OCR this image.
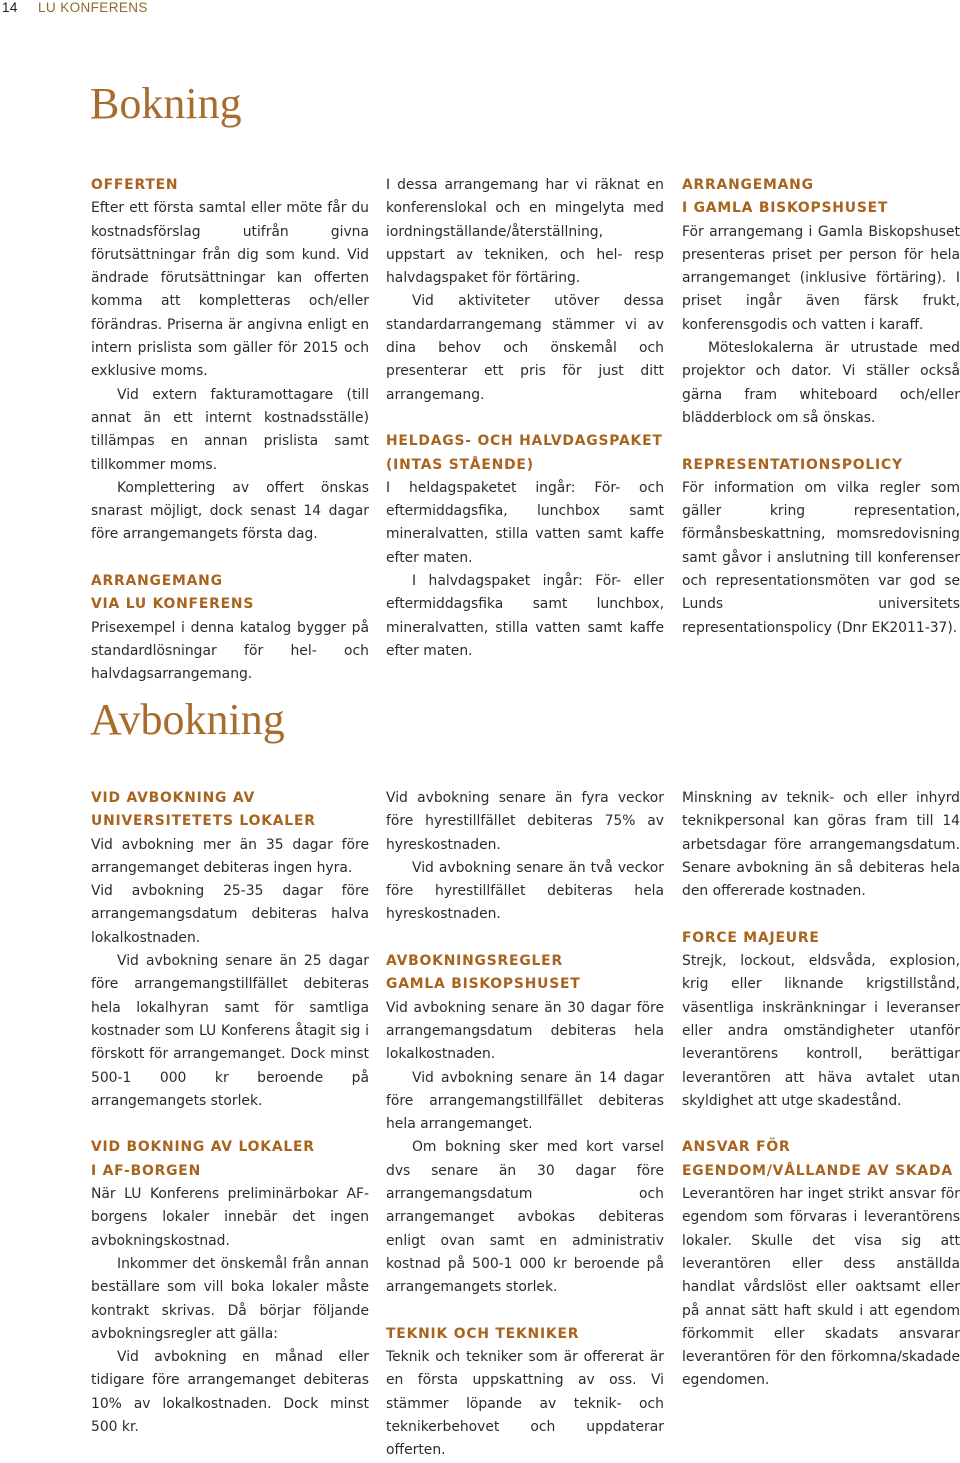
14 LU KONFERENS
Bokning
OFFERTEN

Efter ett första samtal eller möte får du kostnadsförslag utifrån givna förutsättningar från dig som kund. Vid ändrade förutsättningar kan offerten komma att kompletteras och/eller förändras. Priserna är angivna enligt en intern prislista som gäller för 2015 och exklusive moms.

Vid extern fakturamottagare (till annat än ett internt kostnadsställe) tillämpas en annan prislista samt tillkommer moms.

Komplettering av offert önskas snarast möjligt, dock senast 14 dagar före arrangemangets första dag.

ARRANGEMANG
VIA LU KONFERENS

Prisexempel i denna katalog bygger på standardlösningar för hel- och halvdagsarrangemang.

I dessa arrangemang har vi räknat en konferenslokal och en mingelyta med iordningställande/återställning, uppstart av tekniken, och hel- resp halvdagspaket för förtäring.

Vid aktiviteter utöver dessa standardarrangemang stämmer vi av dina behov och önskemål och presenterar ett pris för just ditt arrangemang.

HELDAGS- OCH HALVDAGSPAKET
(INTAS STÅENDE)

I heldagspaketet ingår: För- och eftermiddagsfika, lunchbox samt mineralvatten, stilla vatten samt kaffe efter maten.

I halvdagspaket ingår: För- eller eftermiddagsfika samt lunchbox, mineralvatten, stilla vatten samt kaffe efter maten.

ARRANGEMANG
I GAMLA BISKOPSHUSET

För arrangemang i Gamla Biskopshuset presenteras priset per person för hela arrangemanget (inklusive förtäring). I priset ingår även färsk frukt, konferensgodis och vatten i karaff.

Möteslokalerna är utrustade med projektor och dator. Vi ställer också gärna fram whiteboard och/eller blädderblock om så önskas.

REPRESENTATIONSPOLICY

För information om vilka regler som gäller kring representation, förmånsbeskattning, momsredovisning samt gåvor i anslutning till konferenser och representationsmöten var god se Lunds universitets representationspolicy (Dnr EK2011-37).

Avbokning
VID AVBOKNING AV
UNIVERSITETETS LOKALER

Vid avbokning mer än 35 dagar före arrangemanget debiteras ingen hyra.

Vid avbokning 25-35 dagar före arrangemangsdatum debiteras halva lokalkostnaden.

Vid avbokning senare än 25 dagar före arrangemangstillfället debiteras hela lokalhyran samt för samtliga kostnader som LU Konferens åtagit sig i förskott för arrangemanget. Dock minst 500-1 000 kr beroende på arrangemangets storlek.

VID BOKNING AV LOKALER
I AF-BORGEN

När LU Konferens preliminärbokar AF-borgens lokaler innebär det ingen avbokningskostnad.

Inkommer det önskemål från annan beställare som vill boka lokaler måste kontrakt skrivas. Då börjar följande avbokningsregler att gälla:

Vid avbokning en månad eller tidigare före arrangemanget debiteras 10% av lokalkostnaden. Dock minst 500 kr.

Vid avbokning senare än fyra veckor före hyrestillfället debiteras 75% av hyreskostnaden.

Vid avbokning senare än två veckor före hyrestillfället debiteras hela hyreskostnaden.

AVBOKNINGSREGLER
GAMLA BISKOPSHUSET

Vid avbokning senare än 30 dagar före arrangemangsdatum debiteras hela lokalkostnaden.

Vid avbokning senare än 14 dagar före arrangemangstillfället debiteras hela arrangemanget.

Om bokning sker med kort varsel dvs senare än 30 dagar före arrangemangsdatum och arrangemanget avbokas debiteras enligt ovan samt en administrativ kostnad på 500-1 000 kr beroende på arrangemangets storlek.

TEKNIK OCH TEKNIKER

Teknik och tekniker som är offererat är en första uppskattning av oss. Vi stämmer löpande av teknik- och teknikerbehovet och uppdaterar offerten.

Minskning av teknik- och eller inhyrd teknikpersonal kan göras fram till 14 arbetsdagar före arrangemangsdatum. Senare avbokning än så debiteras hela den offererade kostnaden.

FORCE MAJEURE

Strejk, lockout, eldsvåda, explosion, krig eller liknande krigstillstånd, väsentliga inskränkningar i leveranser eller andra omständigheter utanför leverantörens kontroll, berättigar leverantören att häva avtalet utan skyldighet att utge skadestånd.

ANSVAR FÖR
EGENDOM/VÅLLANDE AV SKADA

Leverantören har inget strikt ansvar för egendom som förvaras i leverantörens lokaler. Skulle det visa sig att leverantören eller dess anställda handlat vårdslöst eller oaktsamt eller på annat sätt haft skuld i att egendom förkommit eller skadats ansvarar leverantören för den förkomna/skadade egendomen.
